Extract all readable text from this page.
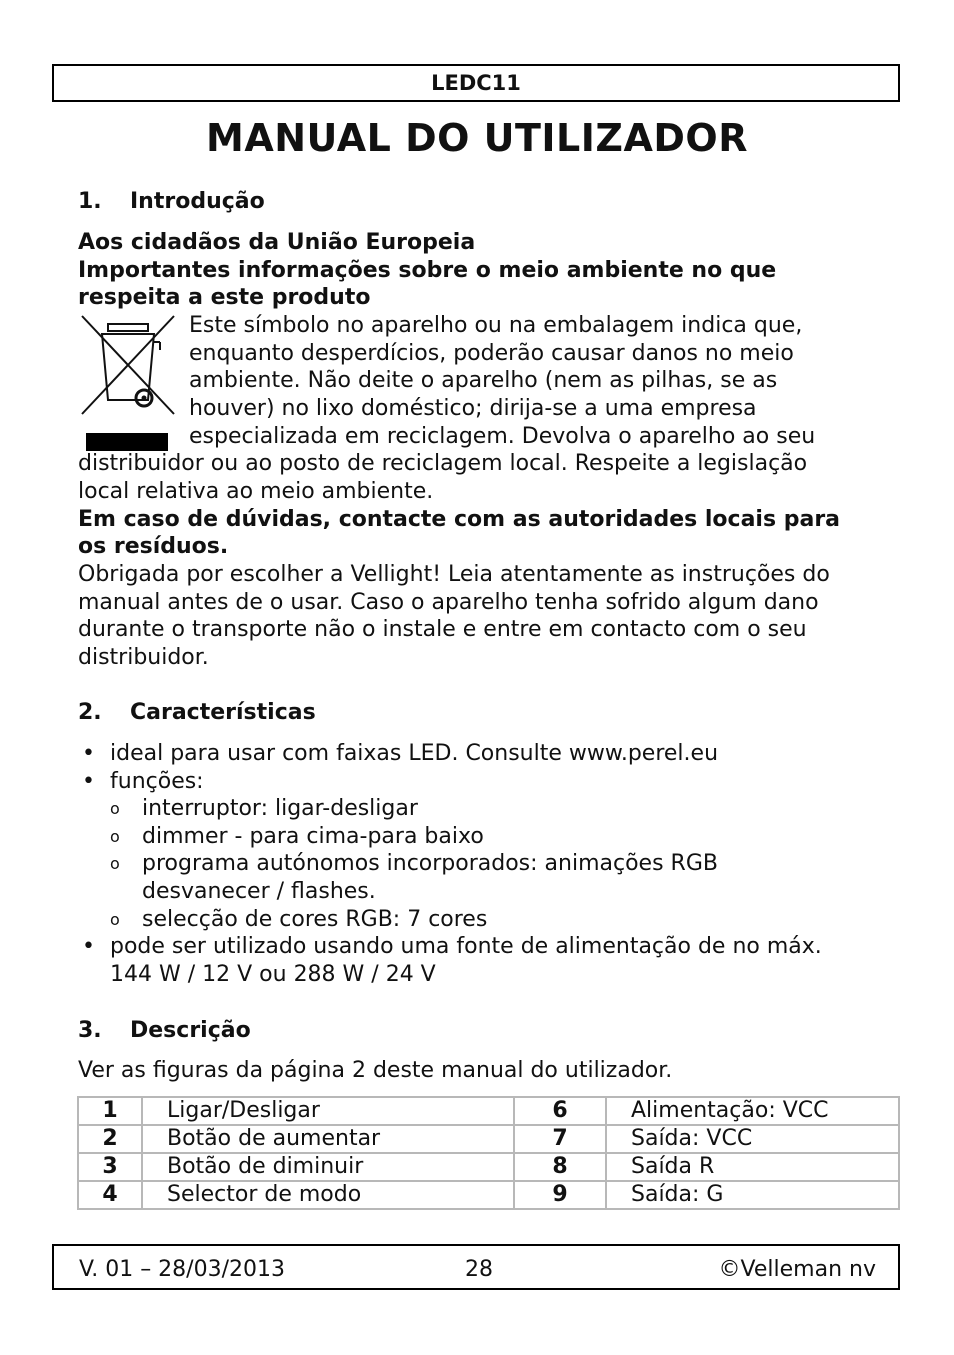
LEDC11
MANUAL DO UTILIZADOR
1. Introdução
Aos cidadãos da União Europeia
Importantes informações sobre o meio ambiente no que
respeita a este produto
Este símbolo no aparelho ou na embalagem indica que,
enquanto desperdícios, poderão causar danos no meio
ambiente. Não deite o aparelho (nem as pilhas, se as
houver) no lixo doméstico; dirija-se a uma empresa
especializada em reciclagem. Devolva o aparelho ao seu
distribuidor ou ao posto de reciclagem local. Respeite a legislação
local relativa ao meio ambiente.
Em caso de dúvidas, contacte com as autoridades locais para
os resíduos.
Obrigada por escolher a Vellight! Leia atentamente as instruções do
manual antes de o usar. Caso o aparelho tenha sofrido algum dano
durante o transporte não o instale e entre em contacto com o seu
distribuidor.
2. Características
• ideal para usar com faixas LED. Consulte www.perel.eu
• funções:
o interruptor: ligar-desligar
o dimmer - para cima-para baixo
o programa autónomos incorporados: animações RGB
desvanecer / flashes.
o selecção de cores RGB: 7 cores
• pode ser utilizado usando uma fonte de alimentação de no máx.
144 W / 12 V ou 288 W / 24 V
3. Descrição
Ver as figuras da página 2 deste manual do utilizador.
1	Ligar/Desligar	6	Alimentação: VCC
2	Botão de aumentar	7	Saída: VCC
3	Botão de diminuir	8	Saída R
4	Selector de modo	9	Saída: G
V. 01 – 28/03/2013	28	©Velleman nv
